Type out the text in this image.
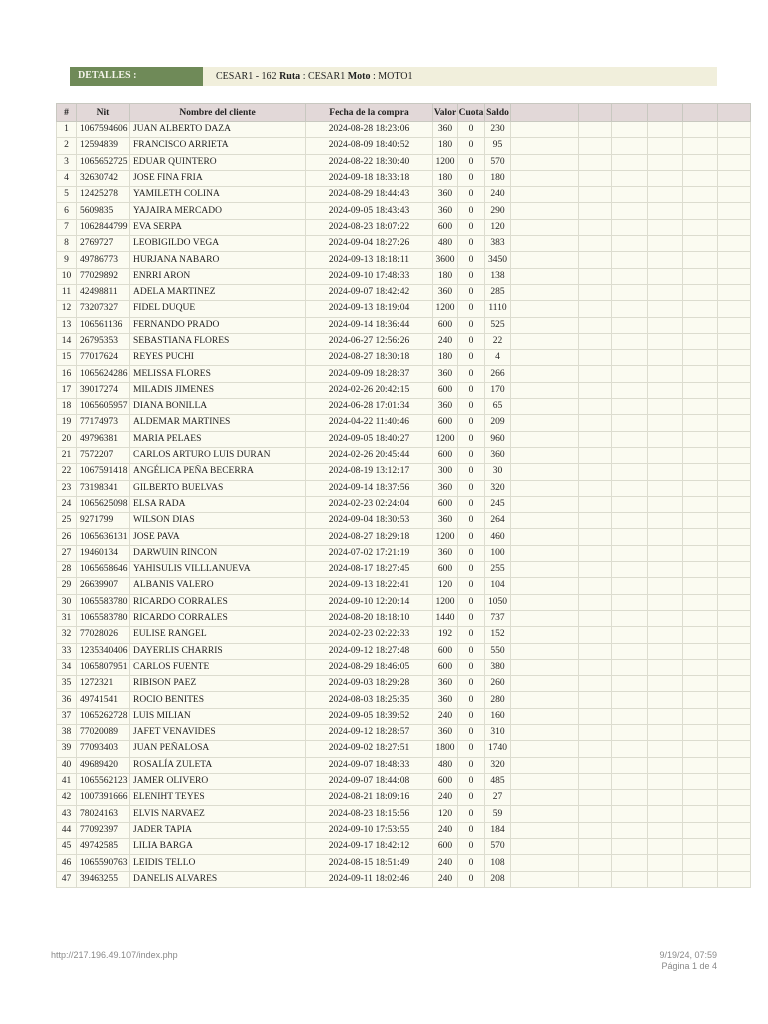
DETALLES :	CESAR1 - 162 Ruta : CESAR1 Moto : MOTO1
#	Nit	Nombre del cliente	Fecha de la compra	Valor	Cuota	Saldo						
1	1067594606	JUAN ALBERTO DAZA	2024-08-28 18:23:06	360	0	230						
2	12594839	FRANCISCO ARRIETA	2024-08-09 18:40:52	180	0	95						
3	1065652725	EDUAR QUINTERO	2024-08-22 18:30:40	1200	0	570						
4	32630742	JOSE FINA FRIA	2024-09-18 18:33:18	180	0	180						
5	12425278	YAMILETH COLINA	2024-08-29 18:44:43	360	0	240						
6	5609835	YAJAIRA MERCADO	2024-09-05 18:43:43	360	0	290						
7	1062844799	EVA SERPA	2024-08-23 18:07:22	600	0	120						
8	2769727	LEOBIGILDO VEGA	2024-09-04 18:27:26	480	0	383						
9	49786773	HURJANA NABARO	2024-09-13 18:18:11	3600	0	3450						
10	77029892	ENRRI ARON	2024-09-10 17:48:33	180	0	138						
11	42498811	ADELA MARTINEZ	2024-09-07 18:42:42	360	0	285						
12	73207327	FIDEL DUQUE	2024-09-13 18:19:04	1200	0	1110						
13	106561136	FERNANDO PRADO	2024-09-14 18:36:44	600	0	525						
14	26795353	SEBASTIANA FLORES	2024-06-27 12:56:26	240	0	22						
15	77017624	REYES PUCHI	2024-08-27 18:30:18	180	0	4						
16	1065624286	MELISSA FLORES	2024-09-09 18:28:37	360	0	266						
17	39017274	MILADIS JIMENES	2024-02-26 20:42:15	600	0	170						
18	1065605957	DIANA BONILLA	2024-06-28 17:01:34	360	0	65						
19	77174973	ALDEMAR MARTINES	2024-04-22 11:40:46	600	0	209						
20	49796381	MARIA PELAES	2024-09-05 18:40:27	1200	0	960						
21	7572207	CARLOS ARTURO LUIS DURAN	2024-02-26 20:45:44	600	0	360						
22	1067591418	ANGÉLICA PEÑA BECERRA	2024-08-19 13:12:17	300	0	30						
23	73198341	GILBERTO BUELVAS	2024-09-14 18:37:56	360	0	320						
24	1065625098	ELSA RADA	2024-02-23 02:24:04	600	0	245						
25	9271799	WILSON DIAS	2024-09-04 18:30:53	360	0	264						
26	1065636131	JOSE PAVA	2024-08-27 18:29:18	1200	0	460						
27	19460134	DARWUIN RINCON	2024-07-02 17:21:19	360	0	100						
28	1065658646	YAHISULIS VILLLANUEVA	2024-08-17 18:27:45	600	0	255						
29	26639907	ALBANIS VALERO	2024-09-13 18:22:41	120	0	104						
30	1065583780	RICARDO CORRALES	2024-09-10 12:20:14	1200	0	1050						
31	1065583780	RICARDO CORRALES	2024-08-20 18:18:10	1440	0	737						
32	77028026	EULISE RANGEL	2024-02-23 02:22:33	192	0	152						
33	1235340406	DAYERLIS CHARRIS	2024-09-12 18:27:48	600	0	550						
34	1065807951	CARLOS FUENTE	2024-08-29 18:46:05	600	0	380						
35	1272321	RIBISON PAEZ	2024-09-03 18:29:28	360	0	260						
36	49741541	ROCIO BENITES	2024-08-03 18:25:35	360	0	280						
37	1065262728	LUIS MILIAN	2024-09-05 18:39:52	240	0	160						
38	77020089	JAFET VENAVIDES	2024-09-12 18:28:57	360	0	310						
39	77093403	JUAN PEÑALOSA	2024-09-02 18:27:51	1800	0	1740						
40	49689420	ROSALÍA ZULETA	2024-09-07 18:48:33	480	0	320						
41	1065562123	JAMER OLIVERO	2024-09-07 18:44:08	600	0	485						
42	1007391666	ELENIHT TEYES	2024-08-21 18:09:16	240	0	27						
43	78024163	ELVIS NARVAEZ	2024-08-23 18:15:56	120	0	59						
44	77092397	JADER TAPIA	2024-09-10 17:53:55	240	0	184						
45	49742585	LILIA BARGA	2024-09-17 18:42:12	600	0	570						
46	1065590763	LEIDIS TELLO	2024-08-15 18:51:49	240	0	108						
47	39463255	DANELIS ALVARES	2024-09-11 18:02:46	240	0	208						
http://217.196.49.107/index.php	9/19/24, 07:59
Página 1 de 4
